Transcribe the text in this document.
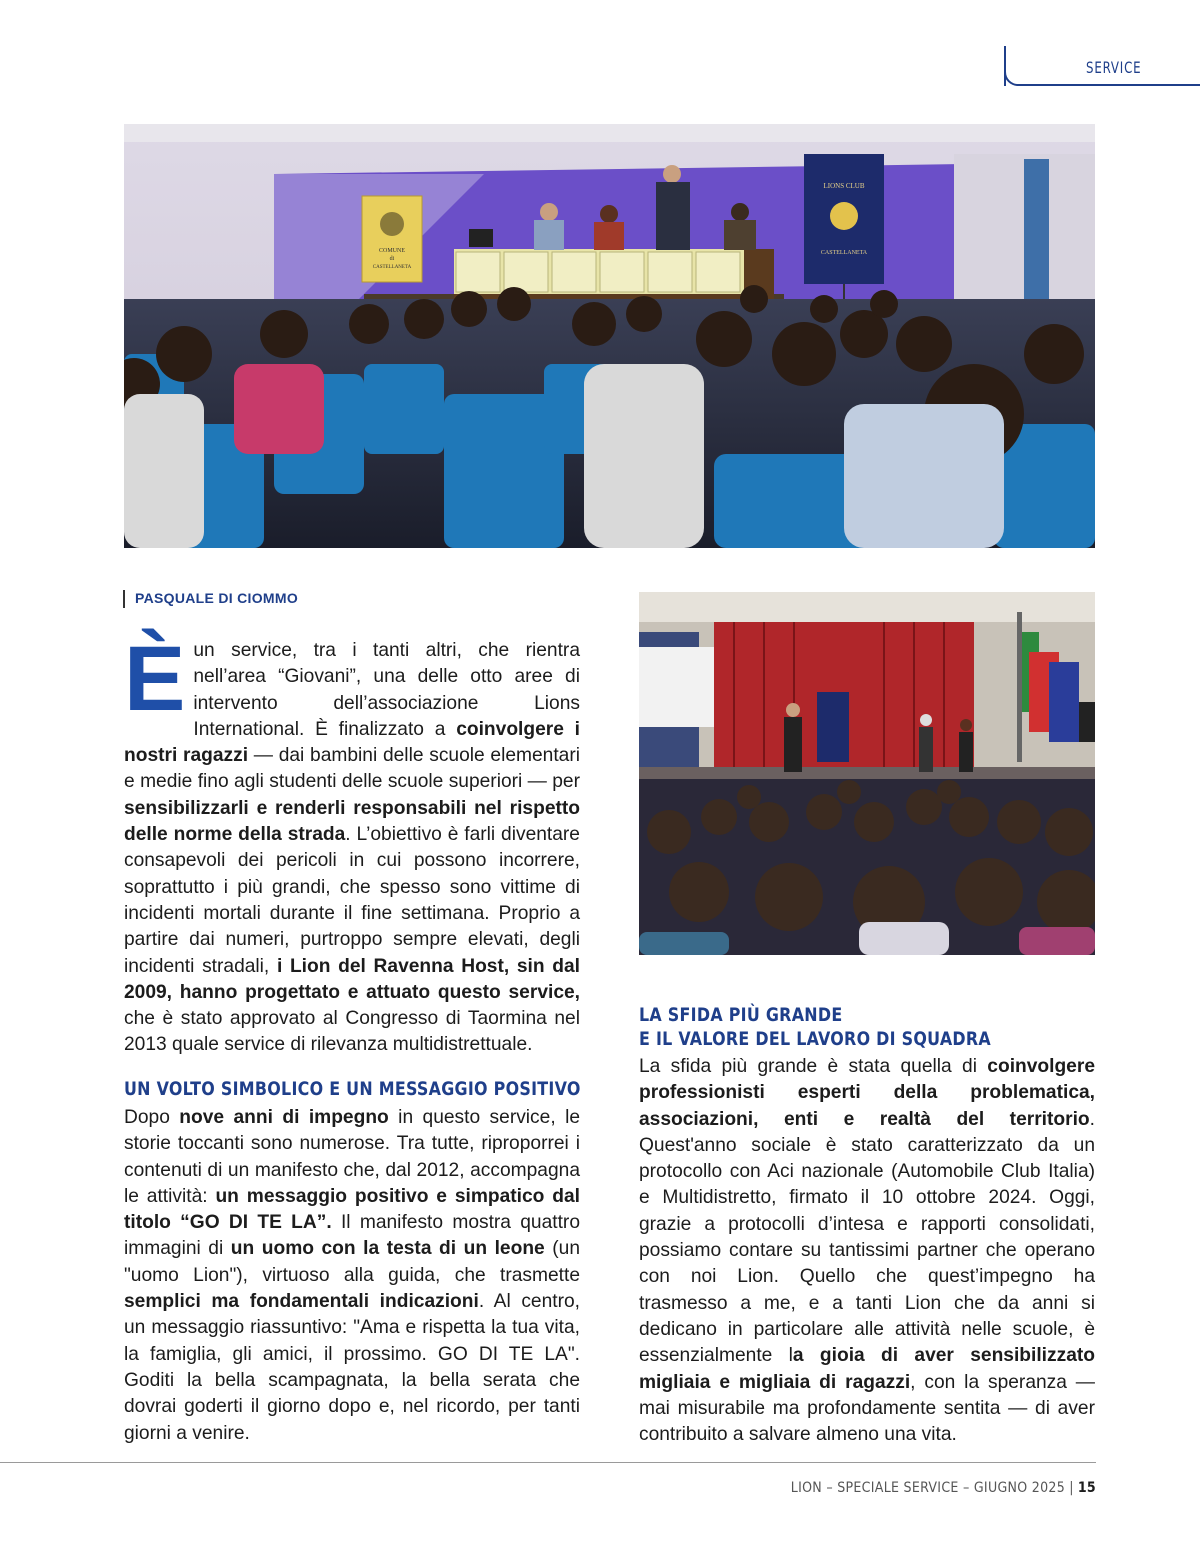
SERVICE
COMUNE
di
CASTELLANETA
LIONS CLUB
CASTELLANETA
PASQUALE DI CIOMMO

Èun service, tra i tanti altri, che rientra nell’area “Giovani”, una delle otto aree di intervento dell’associazione Lions International. È finalizzato a coinvolgere i nostri ragazzi — dai bambini delle scuole elementari e medie fino agli studenti delle scuole superiori — per sensibilizzarli e renderli responsabili nel rispetto delle norme della strada. L’obiettivo è farli diventare consapevoli dei pericoli in cui possono incorrere, soprattutto i più grandi, che spesso sono vittime di incidenti mortali durante il fine settimana. Proprio a partire dai numeri, purtroppo sempre elevati, degli incidenti stradali, i Lion del Ravenna Host, sin dal 2009, hanno progettato e attuato questo service, che è stato approvato al Congresso di Taormina nel 2013 quale service di rilevanza multidistrettuale.

UN VOLTO SIMBOLICO E UN MESSAGGIO POSITIVO

Dopo nove anni di impegno in questo service, le storie toccanti sono numerose. Tra tutte, riproporrei i contenuti di un manifesto che, dal 2012, accompagna le attività: un messaggio positivo e simpatico dal titolo “GO DI TE LA”. Il manifesto mostra quattro immagini di un uomo con la testa di un leone (un "uomo Lion"), virtuoso alla guida, che trasmette semplici ma fondamentali indicazioni. Al centro, un messaggio riassuntivo: "Ama e rispetta la tua vita, la famiglia, gli amici, il prossimo. GO DI TE LA". Goditi la bella scampagnata, la bella serata che dovrai goderti il giorno dopo e, nel ricordo, per tanti giorni a venire.

LA SFIDA PIÙ GRANDE
E IL VALORE DEL LAVORO DI SQUADRA

La sfida più grande è stata quella di coinvolgere professionisti esperti della problematica, associazioni, enti e realtà del territorio. Quest'anno sociale è stato caratterizzato da un protocollo con Aci nazionale (Automobile Club Italia) e Multidistretto, firmato il 10 ottobre 2024. Oggi, grazie a protocolli d’intesa e rapporti consolidati, possiamo contare su tantissimi partner che operano con noi Lion. Quello che quest’impegno ha trasmesso a me, e a tanti Lion che da anni si dedicano in particolare alle attività nelle scuole, è essenzialmente la gioia di aver sensibilizzato migliaia e migliaia di ragazzi, con la speranza — mai misurabile ma profondamente sentita — di aver contribuito a salvare almeno una vita.

LION – SPECIALE SERVICE – GIUGNO 2025 | 15
